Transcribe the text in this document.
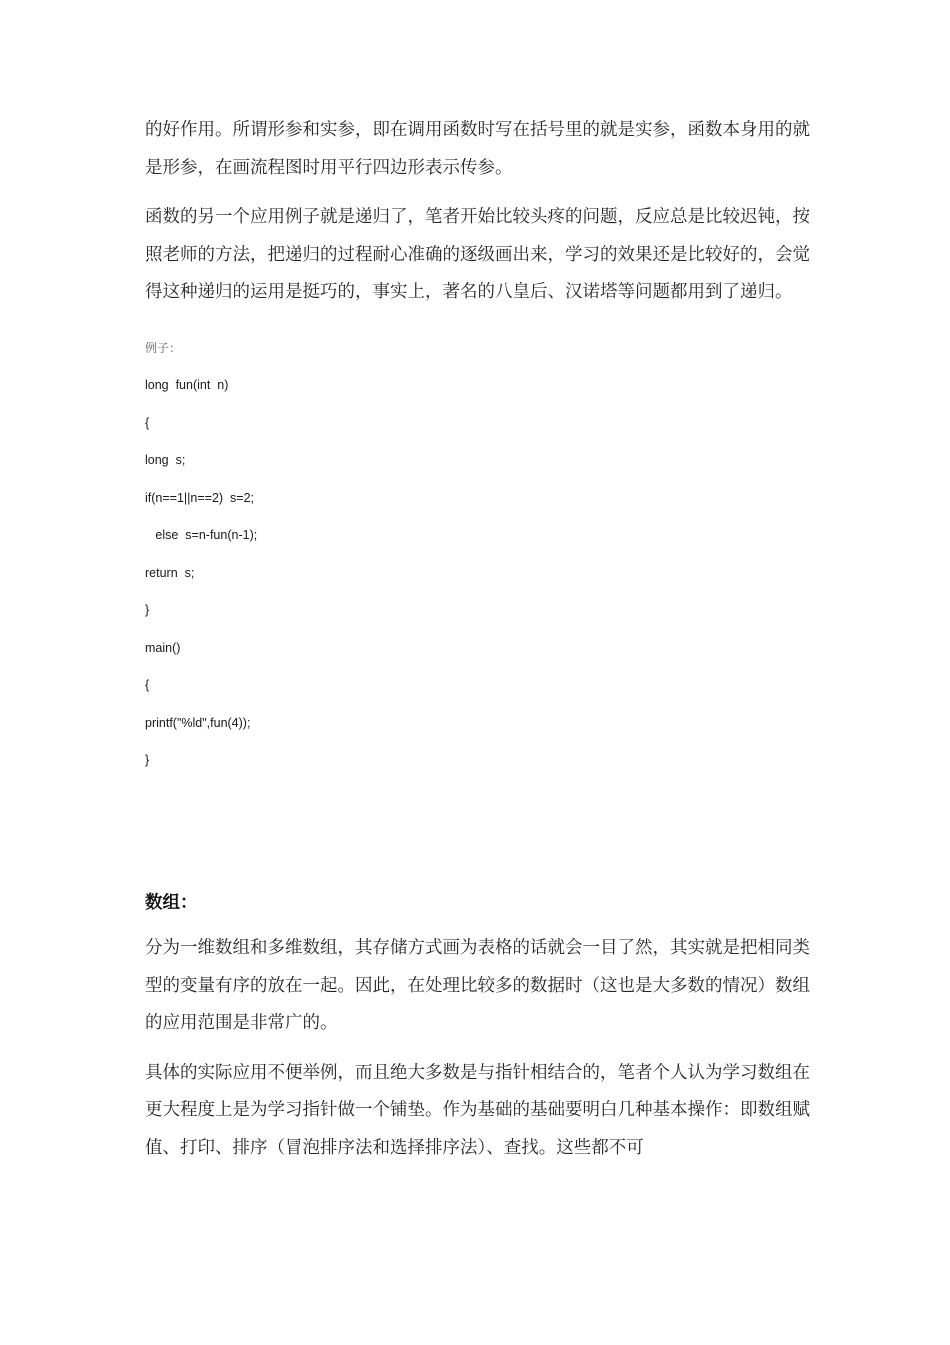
的好作用。所谓形参和实参，即在调用函数时写在括号里的就是实参，函数本身用的就是形参，在画流程图时用平行四边形表示传参。

函数的另一个应用例子就是递归了，笔者开始比较头疼的问题，反应总是比较迟钝，按照老师的方法，把递归的过程耐心准确的逐级画出来，学习的效果还是比较好的，会觉得这种递归的运用是挺巧的，事实上，著名的八皇后、汉诺塔等问题都用到了递归。

例子：
long  fun(int  n)
{
long  s;
if(n==1||n==2)  s=2;
else  s=n-fun(n-1);
return  s;
}
main()
{
printf("%ld",fun(4));
}
数组：

分为一维数组和多维数组，其存储方式画为表格的话就会一目了然，其实就是把相同类型的变量有序的放在一起。因此，在处理比较多的数据时（这也是大多数的情况）数组的应用范围是非常广的。

具体的实际应用不便举例，而且绝大多数是与指针相结合的，笔者个人认为学习数组在更大程度上是为学习指针做一个铺垫。作为基础的基础要明白几种基本操作：即数组赋值、打印、排序（冒泡排序法和选择排序法）、查找。这些都不可
